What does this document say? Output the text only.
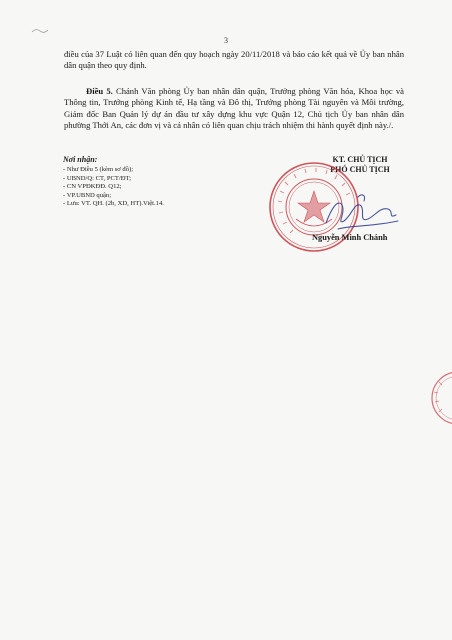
3

điều của 37 Luật có liên quan đến quy hoạch ngày 20/11/2018 và báo cáo kết quả về Ủy ban nhân dân quận theo quy định.

Điều 5. Chánh Văn phòng Ủy ban nhân dân quận, Trưởng phòng Văn hóa, Khoa học và Thông tin, Trưởng phòng Kinh tế, Hạ tầng và Đô thị, Trưởng phòng Tài nguyên và Môi trường, Giám đốc Ban Quản lý dự án đầu tư xây dựng khu vực Quận 12, Chủ tịch Ủy ban nhân dân phường Thới An, các đơn vị và cá nhân có liên quan chịu trách nhiệm thi hành quyết định này./.

Nơi nhận:
- Như Điều 5 (kèm sơ đồ);
- UBND/Q: CT, PCT/ĐT;
- CN VPĐKĐĐ. Q12;
- VP.UBND quận;
- Lưu: VT. QH. (2b, XD, HT).Việt.14.
KT. CHỦ TỊCH
PHÓ CHỦ TỊCH
Nguyễn Minh Chánh
